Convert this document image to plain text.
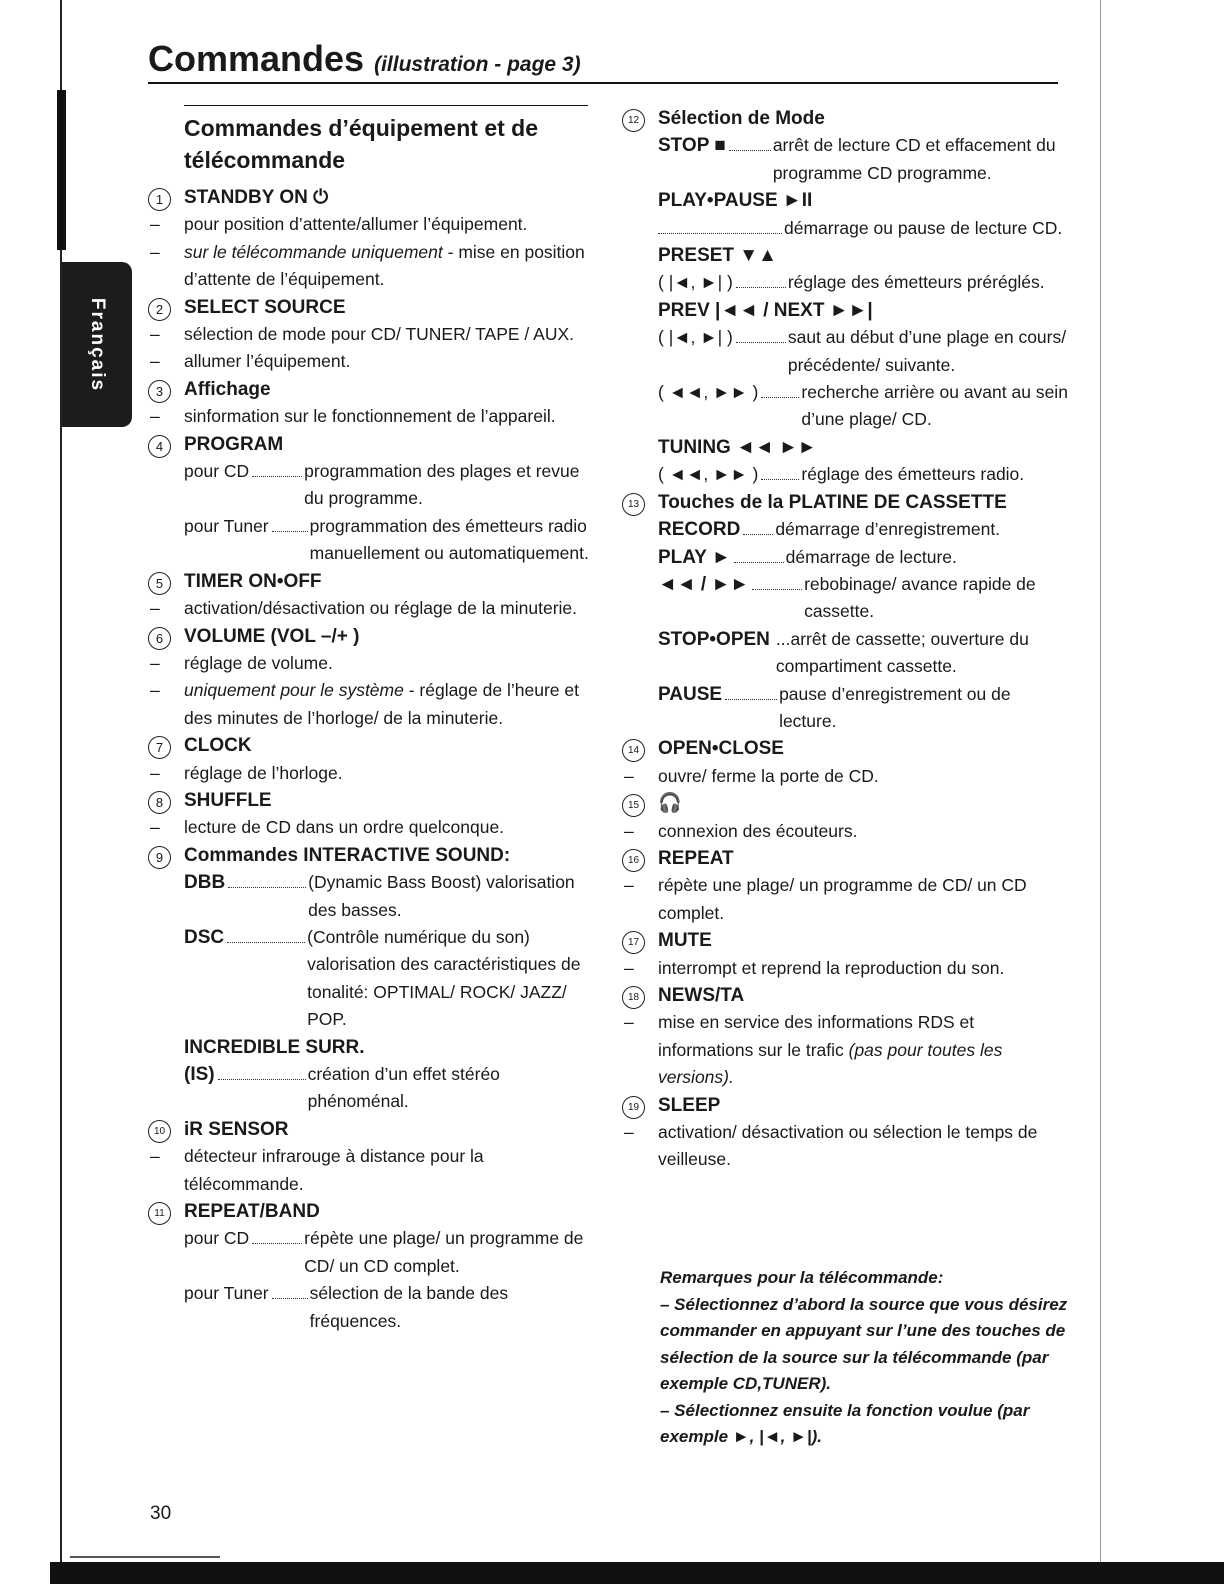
Français
Commandes (illustration - page 3)
Commandes d’équipement et de télécommande
1	STANDBY ON ⏻
– pour position d’attente/allumer l’équipement.
– sur le télécommande uniquement - mise en position d’attente de l’équipement.
2	SELECT SOURCE
– sélection de mode pour CD/ TUNER/ TAPE / AUX.
– allumer l’équipement.
3	Affichage
– sinformation sur le fonctionnement de l’appareil.
4	PROGRAM
pour CD	programmation des plages et revue du programme.
pour Tuner programmation des émetteurs radio manuellement ou automatiquement.
5	TIMER ON•OFF
– activation/désactivation ou réglage de la minuterie.
6	VOLUME (VOL –/+ )
– réglage de volume.
– uniquement pour le système - réglage de l’heure et des minutes de l’horloge/ de la minuterie.
7	CLOCK
– réglage de l’horloge.
8	SHUFFLE
– lecture de CD dans un ordre quelconque.
9	Commandes INTERACTIVE SOUND:
DBB	(Dynamic Bass Boost) valorisation des basses.
DSC	(Contrôle numérique du son) valorisation des caractéristiques de tonalité: OPTIMAL/ ROCK/ JAZZ/ POP.
INCREDIBLE SURR.
(IS)	création d’un effet stéréo phénoménal.
10 iR SENSOR
– détecteur infrarouge à distance pour la télécommande.
11	REPEAT/BAND
pour CD	répète une plage/ un programme de CD/ un CD complet.
pour Tuner sélection de la bande des fréquences.
12 Sélection de Mode
STOP ■	arrêt de lecture CD et effacement du programme CD programme.
PLAY•PAUSE ►II
démarrage ou pause de lecture CD.
PRESET ▼▲
( |◄, ►| )	réglage des émetteurs préréglés.
PREV |◄◄ / NEXT ►►|
( |◄, ►| )	saut au début d’une plage en cours/ précédente/ suivante.
( ◄◄, ►► ) recherche arrière ou avant au sein d’une plage/ CD.
TUNING ◄◄ ►►
( ◄◄, ►► ) réglage des émetteurs radio.
13 Touches de la PLATINE DE CASSETTE
RECORD démarrage d’enregistrement.
PLAY ►	démarrage de lecture.
◄◄ / ►►	rebobinage/ avance rapide de cassette.
STOP•OPEN ...arrêt de cassette; ouverture du compartiment cassette.
PAUSE	pause d’enregistrement ou de lecture.
14 OPEN•CLOSE
– ouvre/ ferme la porte de CD.
15 🎧
– connexion des écouteurs.
16 REPEAT
– répète une plage/ un programme de CD/ un CD complet.
17 MUTE
– interrompt et reprend la reproduction du son.
18 NEWS/TA
– mise en service des informations RDS et informations sur le trafic (pas pour toutes les versions).
19 SLEEP
– activation/ désactivation ou sélection le temps de veilleuse.
Remarques pour la télécommande:
– Sélectionnez d’abord la source que vous désirez commander en appuyant sur l’une des touches de sélection de la source sur la télécommande (par exemple CD,TUNER).
– Sélectionnez ensuite la fonction voulue (par exemple ►, |◄, ►|).
30
